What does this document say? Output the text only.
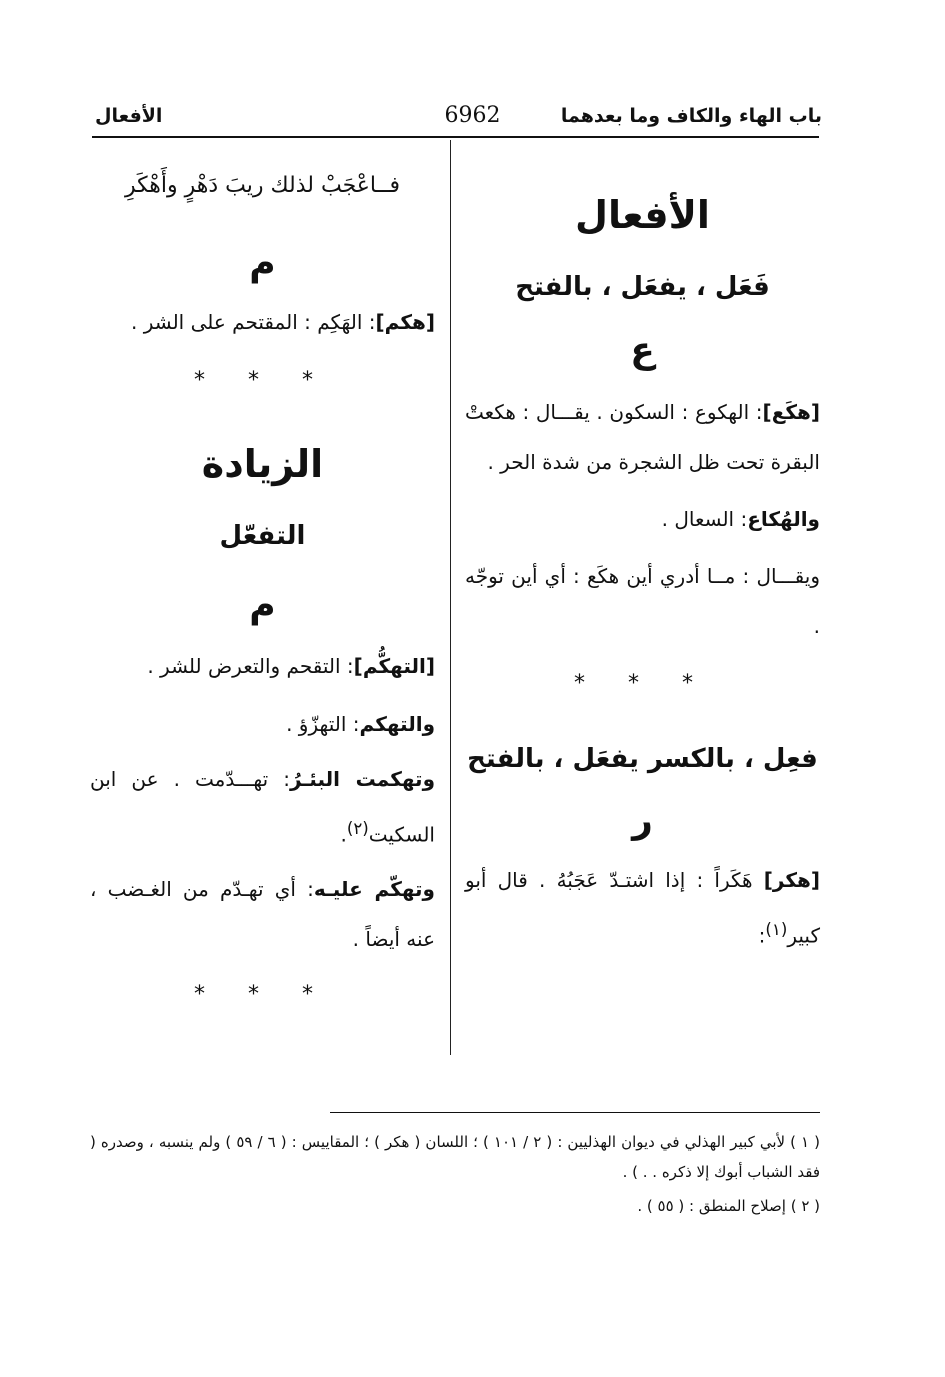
باب الهاء والكاف وما بعدهما
6962
الأفعال
الأفعال
فَعَل ، يفعَل ، بالفتح
ع

[هكَع]: الهكوع : السكون . يقـــال : هكعتْ البقرة تحت ظل الشجرة من شدة الحر .

والهُكاع: السعال .

ويقـــال : مــا أدري أين هكَع : أي أين توجّه .

* * *
فعِل ، بالكسر يفعَل ، بالفتح
ر

[هكر] هَكَراً : إذا اشتـدّ عَجَبُهُ . قال أبو كبير$^{(١)}$:

فــاعْجَبْ لذلك ريبَ دَهْرٍ وأَهْكَرِ
م

[هكم]: الهَكِم : المقتحم على الشر .

* * *
الزيادة
التفعّل
م

[التهكُّم]: التقحم والتعرض للشر .

والتهكم: التهزّؤ .

وتهكمت البئـرُ: تهـــدّمت . عن ابن السكيت$^{(٢)}$.

وتهكّم عليـه: أي تهـدّم من الغـضب ، عنه أيضاً .

* * *
( ١ ) لأبي كبير الهذلي في ديوان الهذليين : ( ٢ / ١٠١ ) ؛ اللسان ( هكر ) ؛ المقاييس : ( ٦ / ٥٩ ) ولم ينسبه ، وصدره ( فقد الشباب أبوك إلا ذكره . . ) .
( ٢ ) إصلاح المنطق : ( ٥٥ ) .
